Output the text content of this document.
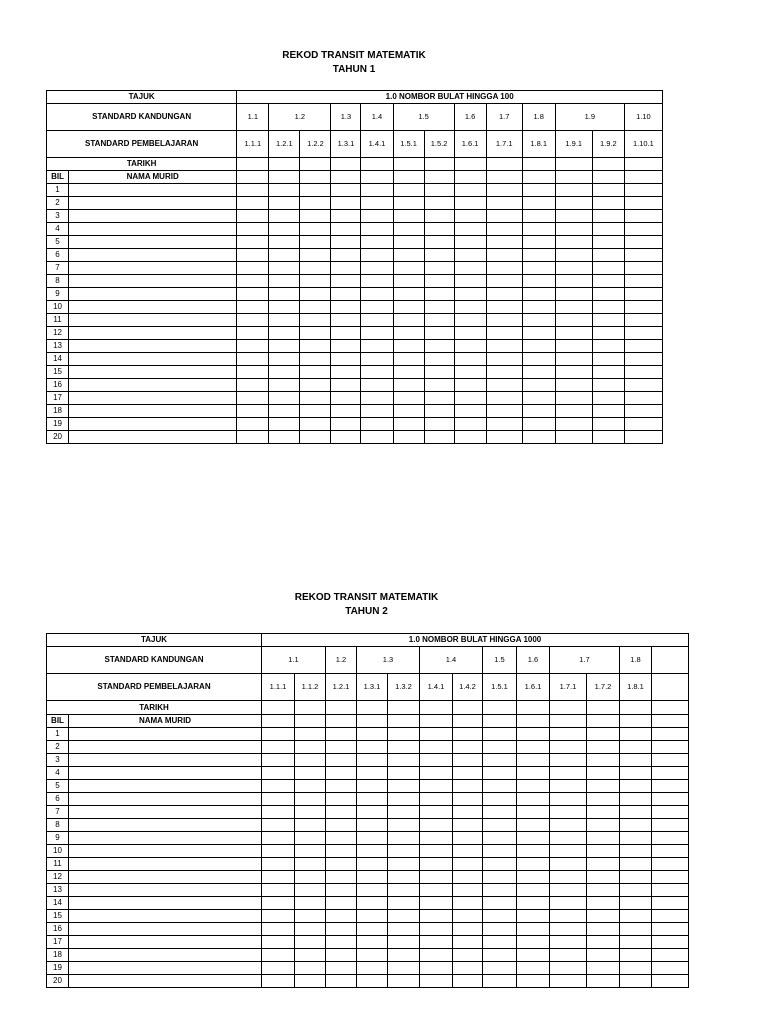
REKOD TRANSIT MATEMATIK
TAHUN 1
TAJUK		1.0 NOMBOR BULAT HINGGA 100												
STANDARD KANDUNGAN		1.1	1.2		1.3	1.4	1.5		1.6	1.7	1.8	1.9		1.10
STANDARD PEMBELAJARAN		1.1.1	1.2.1	1.2.2	1.3.1	1.4.1	1.5.1	1.5.2	1.6.1	1.7.1	1.8.1	1.9.1	1.9.2	1.10.1
TARIKH														
BIL	NAMA MURID													
1														
2														
3														
4														
5														
6														
7														
8														
9														
10														
11														
12														
13														
14														
15														
16														
17														
18														
19														
20														
REKOD TRANSIT MATEMATIK
TAHUN 2
TAJUK		1.0 NOMBOR BULAT HINGGA 1000												
STANDARD KANDUNGAN		1.1		1.2	1.3		1.4		1.5	1.6	1.7		1.8	
STANDARD PEMBELAJARAN		1.1.1	1.1.2	1.2.1	1.3.1	1.3.2	1.4.1	1.4.2	1.5.1	1.6.1	1.7.1	1.7.2	1.8.1	
TARIKH														
BIL	NAMA MURID													
1														
2														
3														
4														
5														
6														
7														
8														
9														
10														
11														
12														
13														
14														
15														
16														
17														
18														
19														
20														
